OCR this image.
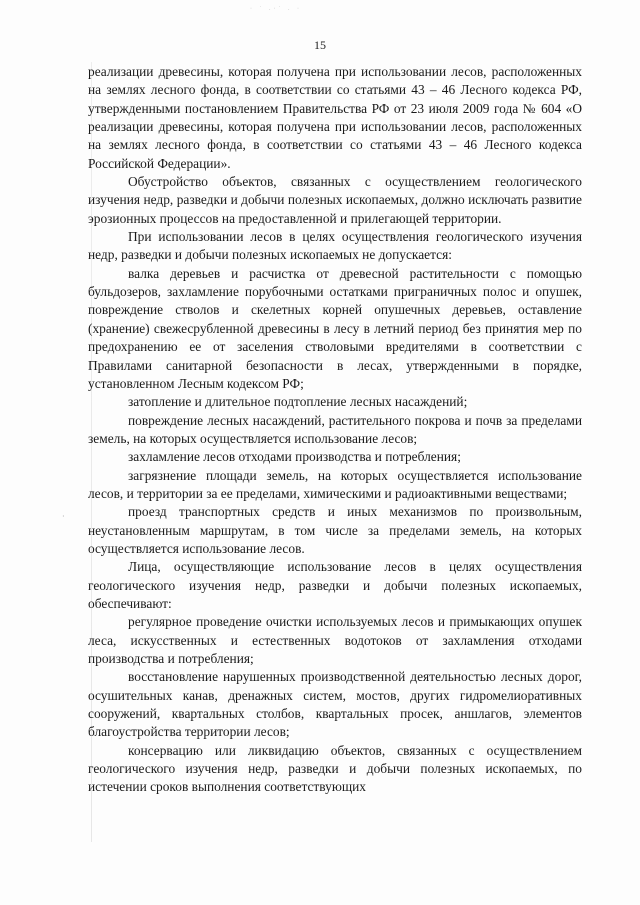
· ˙ .·˙ . ·
15
·

реализации древесины, которая получена при использовании лесов, расположенных на землях лесного фонда, в соответствии со статьями 43 – 46 Лесного кодекса РФ, утвержденными постановлением Правительства РФ от 23 июля 2009 года № 604 «О реализации древесины, которая получена при использовании лесов, расположенных на землях лесного фонда, в соответствии со статьями 43 – 46 Лесного кодекса Российской Федерации».

Обустройство объектов, связанных с осуществлением геологического изучения недр, разведки и добычи полезных ископаемых, должно исключать развитие эрозионных процессов на предоставленной и прилегающей территории.

При использовании лесов в целях осуществления геологического изучения недр, разведки и добычи полезных ископаемых не допускается:

валка деревьев и расчистка от древесной растительности с помощью бульдозеров, захламление порубочными остатками приграничных полос и опушек, повреждение стволов и скелетных корней опушечных деревьев, оставление (хранение) свежесрубленной древесины в лесу в летний период без принятия мер по предохранению ее от заселения стволовыми вредителями в соответствии с Правилами санитарной безопасности в лесах, утвержденными в порядке, установленном Лесным кодексом РФ;

затопление и длительное подтопление лесных насаждений;

повреждение лесных насаждений, растительного покрова и почв за пределами земель, на которых осуществляется использование лесов;

захламление лесов отходами производства и потребления;

загрязнение площади земель, на которых осуществляется использование лесов, и территории за ее пределами, химическими и радиоактивными веществами;

проезд транспортных средств и иных механизмов по произвольным, неустановленным маршрутам, в том числе за пределами земель, на которых осуществляется использование лесов.

Лица, осуществляющие использование лесов в целях осуществления геологического изучения недр, разведки и добычи полезных ископаемых, обеспечивают:

регулярное проведение очистки используемых лесов и примыкающих опушек леса, искусственных и естественных водотоков от захламления отходами производства и потребления;

восстановление нарушенных производственной деятельностью лесных дорог, осушительных канав, дренажных систем, мостов, других гидромелиоративных сооружений, квартальных столбов, квартальных просек, аншлагов, элементов благоустройства территории лесов;

консервацию или ликвидацию объектов, связанных с осуществлением геологического изучения недр, разведки и добычи полезных ископаемых, по истечении сроков выполнения соответствующих
